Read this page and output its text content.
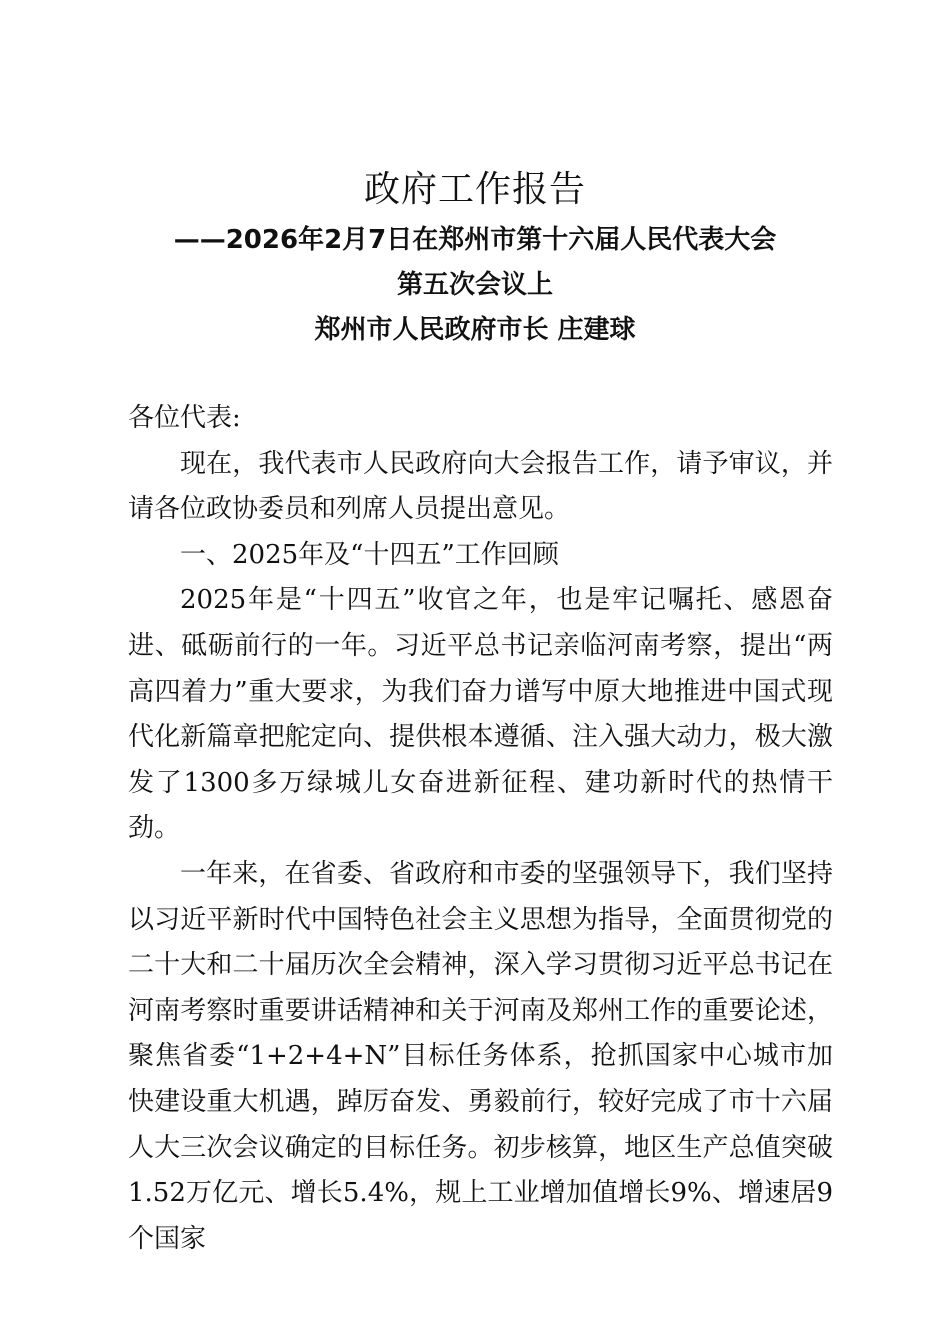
政府工作报告
——2026年2月7日在郑州市第十六届人民代表大会
第五次会议上
郑州市人民政府市长 庄建球

各位代表:

现在，我代表市人民政府向大会报告工作，请予审议，并请各位政协委员和列席人员提出意见。

一、2025年及“十四五”工作回顾

2025年是“十四五”收官之年，也是牢记嘱托、感恩奋进、砥砺前行的一年。习近平总书记亲临河南考察，提出“两高四着力”重大要求，为我们奋力谱写中原大地推进中国式现代化新篇章把舵定向、提供根本遵循、注入强大动力，极大激发了1300多万绿城儿女奋进新征程、建功新时代的热情干劲。

一年来，在省委、省政府和市委的坚强领导下，我们坚持以习近平新时代中国特色社会主义思想为指导，全面贯彻党的二十大和二十届历次全会精神，深入学习贯彻习近平总书记在河南考察时重要讲话精神和关于河南及郑州工作的重要论述，聚焦省委“1+2+4+N”目标任务体系，抢抓国家中心城市加快建设重大机遇，踔厉奋发、勇毅前行，较好完成了市十六届人大三次会议确定的目标任务。初步核算，地区生产总值突破1.52万亿元、增长5.4%，规上工业增加值增长9%、增速居9个国家
